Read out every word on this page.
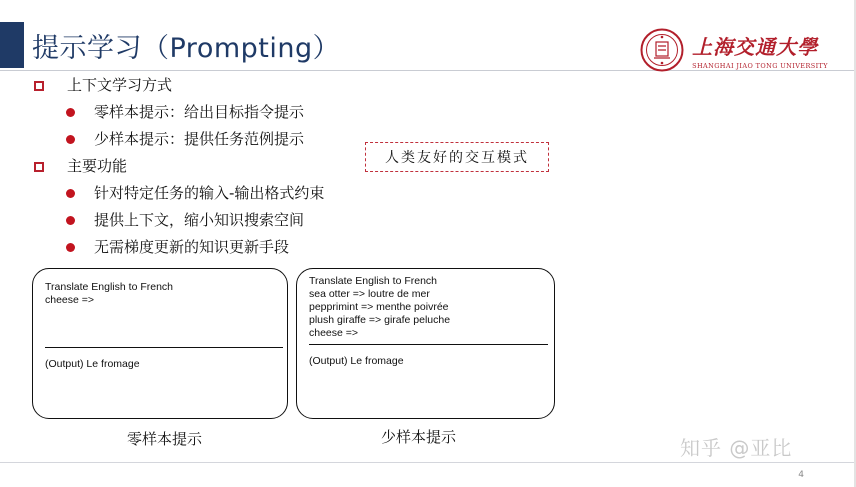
提示学习（Prompting）	上海交通大學
SHANGHAI JIAO TONG UNIVERSITY
上下文学习方式
零样本提示：给出目标指令提示
少样本提示：提供任务范例提示
主要功能
针对特定任务的输入-输出格式约束
提供上下文，缩小知识搜索空间
无需梯度更新的知识更新手段
人类友好的交互模式
Translate English to French
cheese =>
(Output) Le fromage
Translate English to French
sea otter => loutre de mer
pepprimint => menthe poivrée
plush giraffe => girafe peluche
cheese =>
(Output) Le fromage
零样本提示	少样本提示	知乎 @亚比
4
